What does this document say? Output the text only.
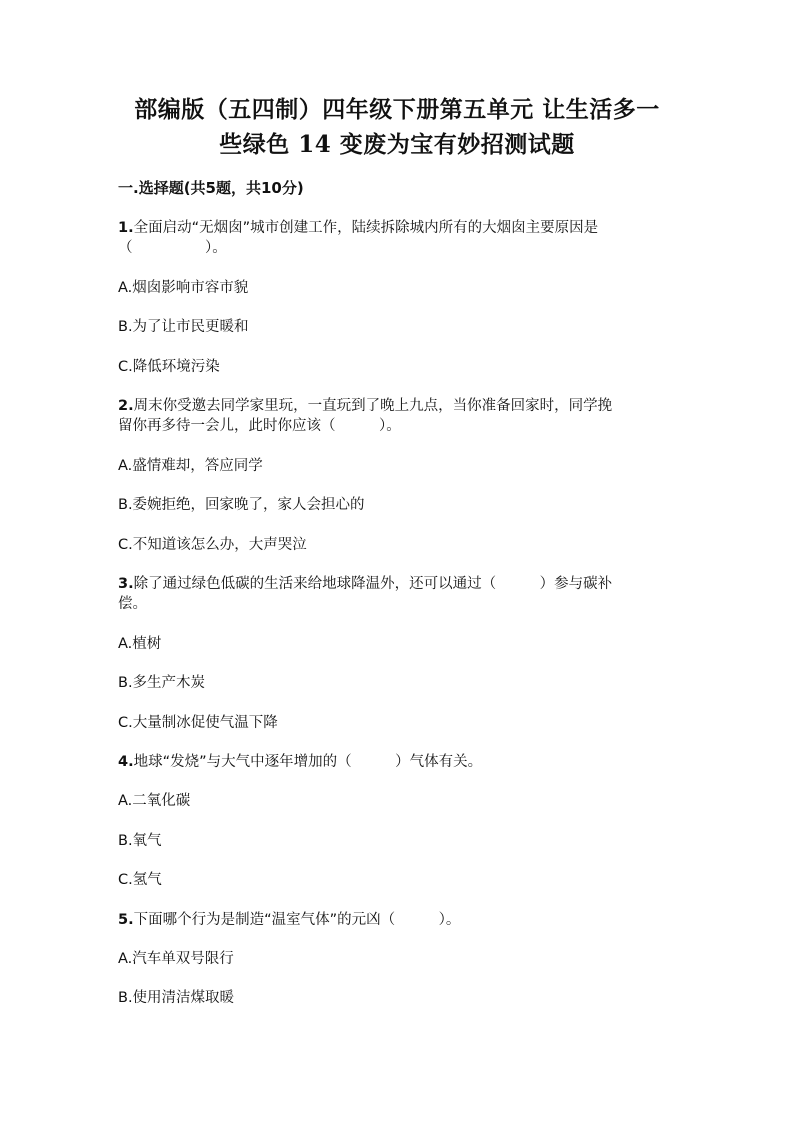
部编版（五四制）四年级下册第五单元 让生活多一
些绿色 14 变废为宝有妙招测试题
一.选择题(共5题，共10分)
1.全面启动“无烟囱”城市创建工作，陆续拆除城内所有的大烟囱主要原因是
（　　　　　）。
A.烟囱影响市容市貌
B.为了让市民更暖和
C.降低环境污染
2.周末你受邀去同学家里玩，一直玩到了晚上九点，当你准备回家时，同学挽
留你再多待一会儿，此时你应该（　　　）。
A.盛情难却，答应同学
B.委婉拒绝，回家晚了，家人会担心的
C.不知道该怎么办，大声哭泣
3.除了通过绿色低碳的生活来给地球降温外，还可以通过（　　　）参与碳补
偿。
A.植树
B.多生产木炭
C.大量制冰促使气温下降
4.地球“发烧”与大气中逐年增加的（　　　）气体有关。
A.二氧化碳
B.氧气
C.氢气
5.下面哪个行为是制造“温室气体”的元凶（　　　）。
A.汽车单双号限行
B.使用清洁煤取暖
